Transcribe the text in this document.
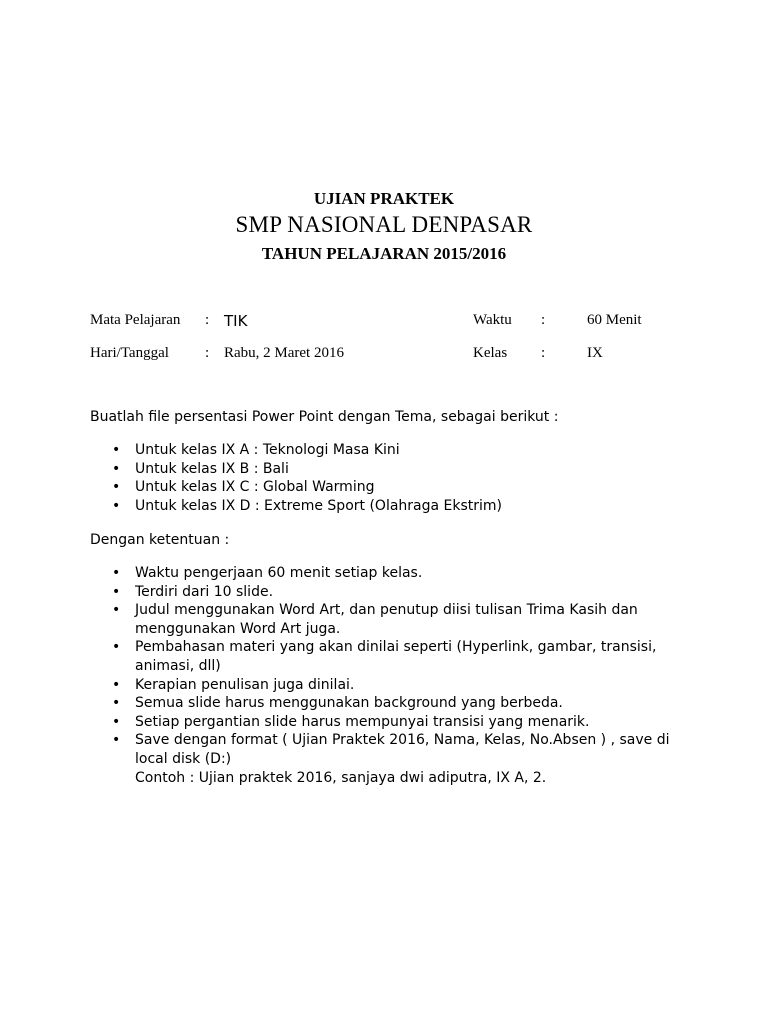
UJIAN PRAKTEK
SMP NASIONAL DENPASAR
TAHUN PELAJARAN 2015/2016
Mata Pelajaran : TIK	Waktu :	60 Menit
Hari/Tanggal : Rabu, 2 Maret 2016	Kelas :	IX
Buatlah file persentasi Power Point dengan Tema, sebagai berikut :
• Untuk kelas IX A : Teknologi Masa Kini
• Untuk kelas IX B : Bali
• Untuk kelas IX C : Global Warming
• Untuk kelas IX D : Extreme Sport (Olahraga Ekstrim)
Dengan ketentuan :
• Waktu pengerjaan 60 menit setiap kelas.
• Terdiri dari 10 slide.
• Judul menggunakan Word Art, dan penutup diisi tulisan Trima Kasih dan menggunakan Word Art juga.
• Pembahasan materi yang akan dinilai seperti (Hyperlink, gambar, transisi, animasi, dll)
• Kerapian penulisan juga dinilai.
• Semua slide harus menggunakan background yang berbeda.
• Setiap pergantian slide harus mempunyai transisi yang menarik.
• Save dengan format ( Ujian Praktek 2016, Nama, Kelas, No.Absen ) , save di local disk (D:)
Contoh : Ujian praktek 2016, sanjaya dwi adiputra, IX A, 2.
